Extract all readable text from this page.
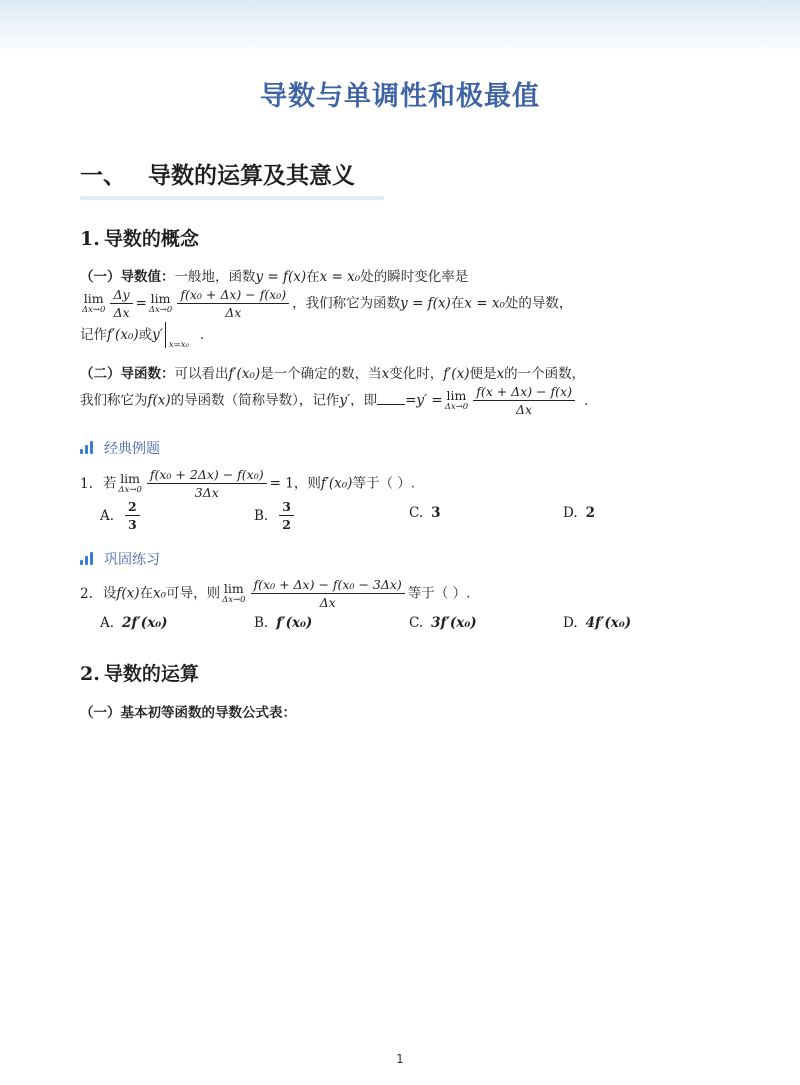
导数与单调性和极最值
一、 导数的运算及其意义
1. 导数的概念
（一）导数值：一般地，函数y = f(x)在x = x₀处的瞬时变化率是
lim
$\Delta x\to 0 \frac{\Delta y}{\Delta x} = \lim$
$\Delta x\to 0 \frac{\text{f(x₀ + Δx) − f(x₀)}}{\Delta x}$ ，我们称它为函数y = f(x)在x = x₀处的导数，
记作f′(x₀)或y′
x=x₀
.
（二）导函数：可以看出f′(x₀)是一个确定的数，当x变化时，f′(x)便是x的一个函数，
我们称它为f(x)的导函数（简称导数），记作y′，即 =y′ = lim
$\Delta x\to 0 \frac{f(x + \Delta x) - f(x)}{\Delta x}$ .
经典例题
1. 若 lim
$\Delta x\to 0 \frac{\text{f(x₀ + 2Δx) − f(x₀)}}{3\Delta x} = 1$，则f′(x₀)等于（ ）.
A. $\frac{2}{3}$	B. $\frac{3}{2}$	C. 3	D. 2
巩固练习
2. 设f(x)在x₀可导，则 lim
$\Delta x\to 0 \frac{\text{f(x₀ + Δx) − f(x₀ − 3Δx)}}{\Delta x}$ 等于（ ）.
A. 2f′(x₀)	B. f′(x₀)	C. 3f′(x₀)	D. 4f′(x₀)
2. 导数的运算
（一）基本初等函数的导数公式表：
1
